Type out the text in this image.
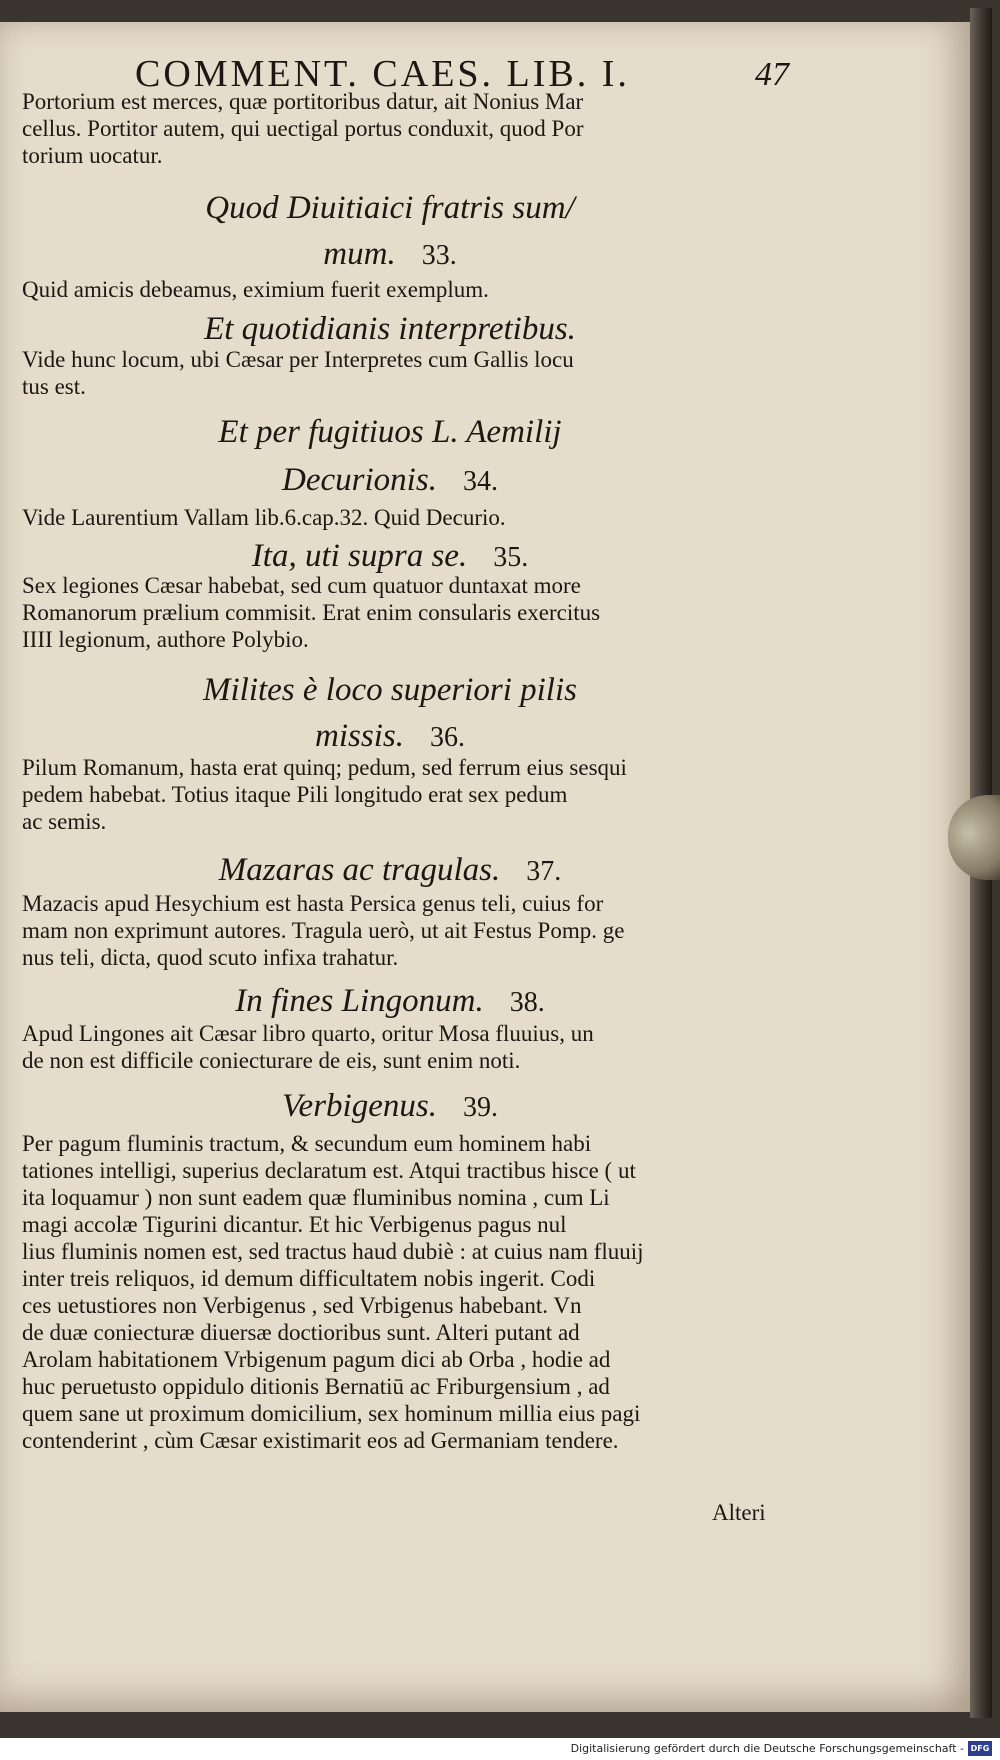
COMMENT. CAES. LIB. I.	47
Portorium est merces, quæ portitoribus datur, ait Nonius Mar
cellus. Portitor autem, qui uectigal portus conduxit, quod Por
torium uocatur.
Quod Diuitiaici fratris sum/
mum. 33.
Quid amicis debeamus, eximium fuerit exemplum.
Et quotidianis interpretibus.
Vide hunc locum, ubi Cæsar per Interpretes cum Gallis locu
tus est.
Et per fugitiuos L. Aemilij
Decurionis. 34.
Vide Laurentium Vallam lib.6.cap.32. Quid Decurio.
Ita, uti supra se. 35.
Sex legiones Cæsar habebat, sed cum quatuor duntaxat more
Romanorum prælium commisit. Erat enim consularis exercitus
IIII legionum, authore Polybio.
Milites è loco superiori pilis
missis. 36.
Pilum Romanum, hasta erat quinq; pedum, sed ferrum eius sesqui
pedem habebat. Totius itaque Pili longitudo erat sex pedum
ac semis.
Mazaras ac tragulas. 37.
Mazacis apud Hesychium est hasta Persica genus teli, cuius for
mam non exprimunt autores. Tragula uerò, ut ait Festus Pomp. ge
nus teli, dicta, quod scuto infixa trahatur.
In fines Lingonum. 38.
Apud Lingones ait Cæsar libro quarto, oritur Mosa fluuius, un
de non est difficile coniecturare de eis, sunt enim noti.
Verbigenus. 39.
Per pagum fluminis tractum, & secundum eum hominem habi
tationes intelligi, superius declaratum est. Atqui tractibus hisce ( ut
ita loquamur ) non sunt eadem quæ fluminibus nomina , cum Li
magi accolæ Tigurini dicantur. Et hic Verbigenus pagus nul
lius fluminis nomen est, sed tractus haud dubiè : at cuius nam fluuij
inter treis reliquos, id demum difficultatem nobis ingerit. Codi
ces uetustiores non Verbigenus , sed Vrbigenus habebant. Vn
de duæ coniecturæ diuersæ doctioribus sunt. Alteri putant ad
Arolam habitationem Vrbigenum pagum dici ab Orba , hodie ad
huc peruetusto oppidulo ditionis Bernatiū ac Friburgensium , ad
quem sane ut proximum domicilium, sex hominum millia eius pagi
contenderint , cùm Cæsar existimarit eos ad Germaniam tendere.
Alteri
Digitalisierung gefördert durch die Deutsche Forschungsgemeinschaft - DFG
